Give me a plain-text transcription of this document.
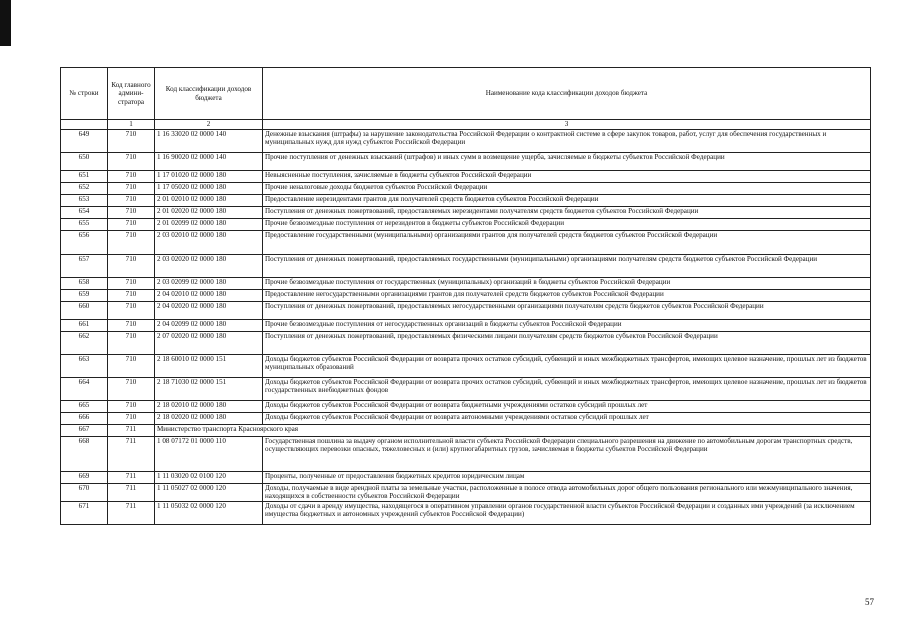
№ строки	Код главного админи-стратора	Код классификации доходов бюджета	Наименование кода классификации доходов бюджета
	1	2	3
649	710	1 16 33020 02 0000 140	Денежные взыскания (штрафы) за нарушение законодательства Российской Федерации о контрактной системе в сфере закупок товаров, работ, услуг для обеспечения государственных и муниципальных нужд для нужд субъектов Российской Федерации
650	710	1 16 90020 02 0000 140	Прочие поступления от денежных взысканий (штрафов) и иных сумм в возмещение ущерба, зачисляемые в бюджеты субъектов Российской Федерации
651	710	1 17 01020 02 0000 180	Невыясненные поступления, зачисляемые в бюджеты субъектов Российской Федерации
652	710	1 17 05020 02 0000 180	Прочие неналоговые доходы бюджетов субъектов Российской Федерации
653	710	2 01 02010 02 0000 180	Предоставление нерезидентами грантов для получателей средств бюджетов субъектов Российской Федерации
654	710	2 01 02020 02 0000 180	Поступления от денежных пожертвований, предоставляемых нерезидентами получателям средств бюджетов субъектов Российской Федерации
655	710	2 01 02099 02 0000 180	Прочие безвозмездные поступления от нерезидентов в бюджеты субъектов Российской Федерации
656	710	2 03 02010 02 0000 180	Предоставление государственными (муниципальными) организациями грантов для получателей средств бюджетов субъектов Российской Федерации
657	710	2 03 02020 02 0000 180	Поступления от денежных пожертвований, предоставляемых государственными (муниципальными) организациями получателям средств бюджетов субъектов Российской Федерации
658	710	2 03 02099 02 0000 180	Прочие безвозмездные поступления от государственных (муниципальных) организаций в бюджеты субъектов Российской Федерации
659	710	2 04 02010 02 0000 180	Предоставление негосударственными организациями грантов для получателей средств бюджетов субъектов Российской Федерации
660	710	2 04 02020 02 0000 180	Поступления от денежных пожертвований, предоставляемых негосударственными организациями получателям средств бюджетов субъектов Российской Федерации
661	710	2 04 02099 02 0000 180	Прочие безвозмездные поступления от негосударственных организаций в бюджеты субъектов Российской Федерации
662	710	2 07 02020 02 0000 180	Поступления от денежных пожертвований, предоставляемых физическими лицами получателям средств бюджетов субъектов Российской Федерации
663	710	2 18 60010 02 0000 151	Доходы бюджетов субъектов Российской Федерации от возврата прочих остатков субсидий, субвенций и иных межбюджетных трансфертов, имеющих целевое назначение, прошлых лет из бюджетов муниципальных образований
664	710	2 18 71030 02 0000 151	Доходы бюджетов субъектов Российской Федерации от возврата прочих остатков субсидий, субвенций и иных межбюджетных трансфертов, имеющих целевое назначение, прошлых лет из бюджетов государственных внебюджетных фондов
665	710	2 18 02010 02 0000 180	Доходы бюджетов субъектов Российской Федерации от возврата бюджетными учреждениями остатков субсидий прошлых лет
666	710	2 18 02020 02 0000 180	Доходы бюджетов субъектов Российской Федерации от возврата автономными учреждениями остатков субсидий прошлых лет
667	711	Министерство транспорта Красноярского края	
668	711	1 08 07172 01 0000 110	Государственная пошлина за выдачу органом исполнительной власти субъекта Российской Федерации специального разрешения на движение по автомобильным дорогам транспортных средств, осуществляющих перевозки опасных, тяжеловесных и (или) крупногабаритных грузов, зачисляемая в бюджеты субъектов Российской Федерации
669	711	1 11 03020 02 0100 120	Проценты, полученные от предоставления бюджетных кредитов юридическим лицам
670	711	1 11 05027 02 0000 120	Доходы, получаемые в виде арендной платы за земельные участки, расположенные в полосе отвода автомобильных дорог общего пользования регионального или межмуниципального значения, находящихся в собственности субъектов Российской Федерации
671	711	1 11 05032 02 0000 120	Доходы от сдачи в аренду имущества, находящегося в оперативном управлении органов государственной власти субъектов Российской Федерации и созданных ими учреждений (за исключением имущества бюджетных и автономных учреждений субъектов Российской Федерации)
57
